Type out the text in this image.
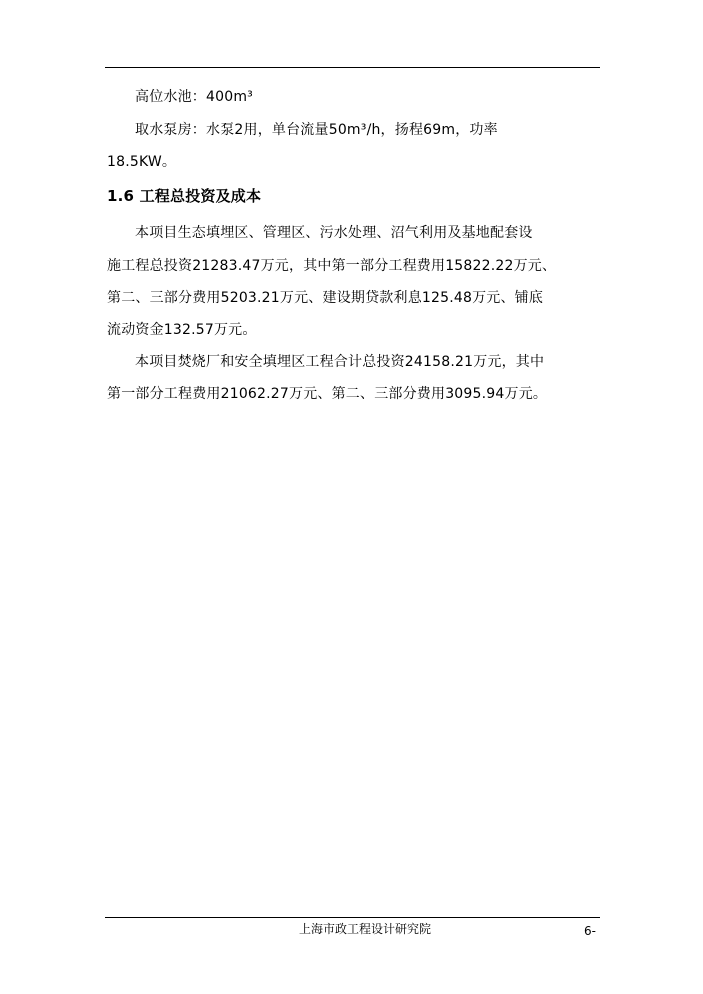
高位水池：400m³
取水泵房：水泵2用，单台流量50m³/h，扬程69m，功率
18.5KW。
1.6 工程总投资及成本
本项目生态填埋区、管理区、污水处理、沼气利用及基地配套设
施工程总投资21283.47万元，其中第一部分工程费用15822.22万元、
第二、三部分费用5203.21万元、建设期贷款利息125.48万元、铺底
流动资金132.57万元。
本项目焚烧厂和安全填埋区工程合计总投资24158.21万元，其中
第一部分工程费用21062.27万元、第二、三部分费用3095.94万元。
上海市政工程设计研究院	6-
